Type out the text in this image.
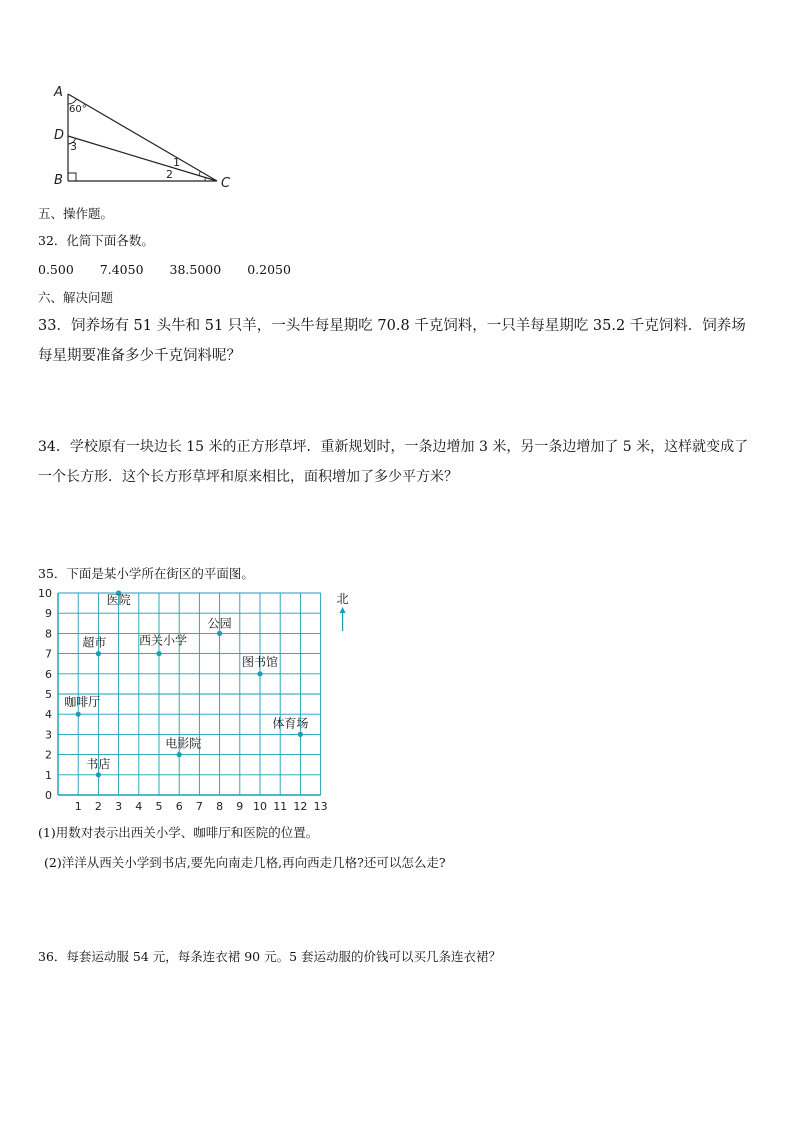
A
60°
D
3
B
1
2
C
五、操作题。
32．化简下面各数。
0.500 7.4050 38.5000 0.2050
六、解决问题
33．饲养场有 51 头牛和 51 只羊，一头牛每星期吃 70.8 千克饲料，一只羊每星期吃 35.2 千克饲料．饲养场每星期要准备多少千克饲料呢？
34．学校原有一块边长 15 米的正方形草坪．重新规划时，一条边增加 3 米，另一条边增加了 5 米，这样就变成了一个长方形．这个长方形草坪和原来相比，面积增加了多少平方米？
35．下面是某小学所在街区的平面图。
1 2 3 4 5 6 7 8 9 10 11 12 13
0
1
2
3
4
5
6
7
8
9
10	医院
公园
超市	西关小学
图书馆
咖啡厅
体育场
电影院
书店
北
(1)用数对表示出西关小学、咖啡厅和医院的位置。
(2)洋洋从西关小学到书店,要先向南走几格,再向西走几格?还可以怎么走?
36．每套运动服 54 元，每条连衣裙 90 元。5 套运动服的价钱可以买几条连衣裙？
